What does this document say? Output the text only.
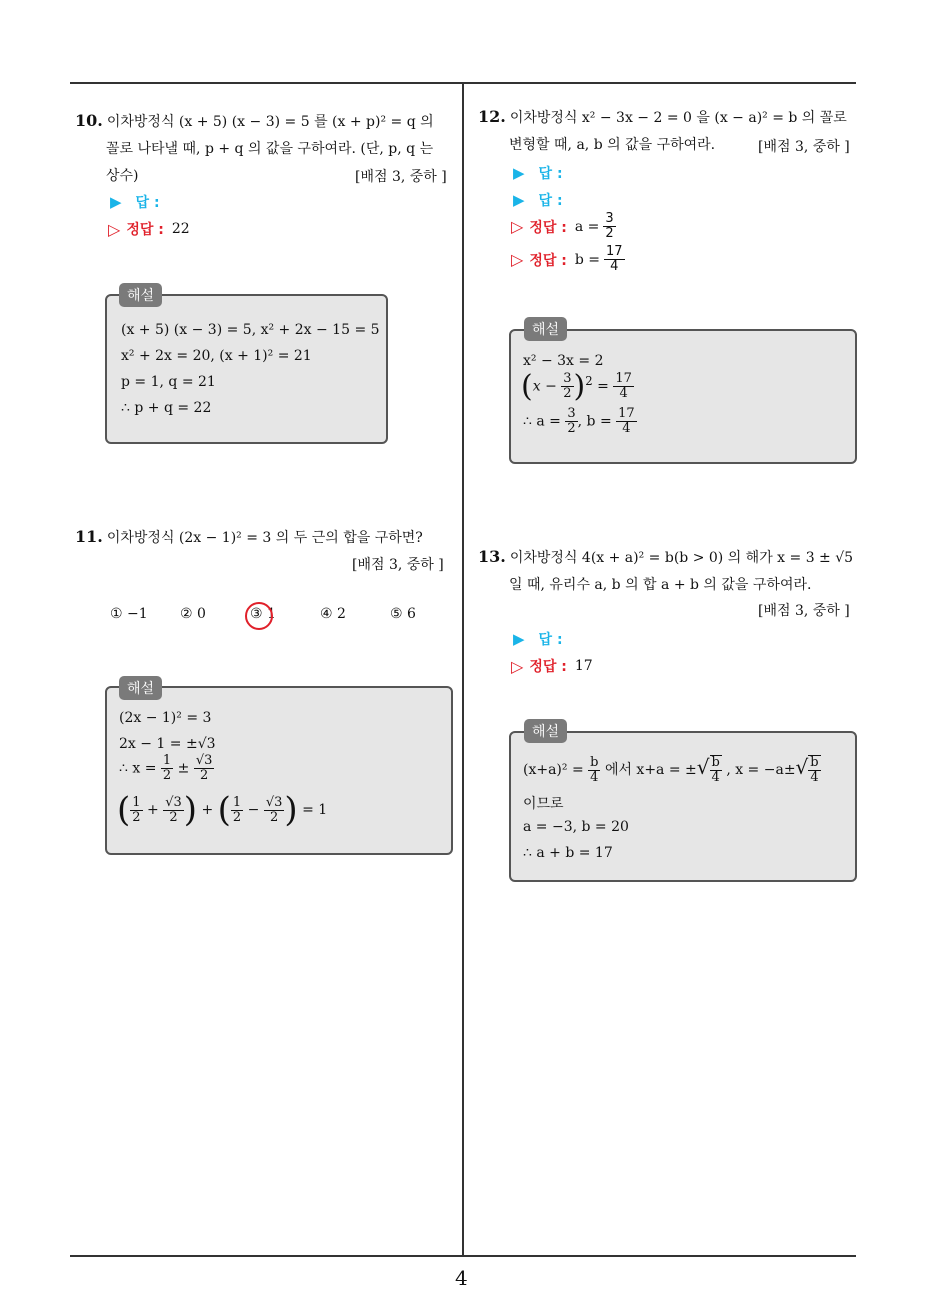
4
10. 이차방정식 (x + 5) (x − 3) = 5 를 (x + p)² = q 의
꼴로 나타낼 때, p + q 의 값을 구하여라. (단, p, q 는
상수)	[배점 3, 중하 ]
▶ 답 :
▷ 정답 : 22
(x + 5) (x − 3) = 5, x² + 2x − 15 = 5
x² + 2x = 20, (x + 1)² = 21
p = 1, q = 21
∴ p + q = 22
해설
11. 이차방정식 (2x − 1)² = 3 의 두 근의 합을 구하면?
[배점 3, 중하 ]
① −1 ② 0	③ 1	④ 2	⑤ 6
(2x − 1)² = 3
2x − 1 = ±√3
∴ $x = \frac{1}{2} \pm \frac{√3}{2}$
( $\frac{1}{2} + \frac{√3}{2}$ ) + ( $\frac{1}{2} - \frac{√3}{2}$ ) = 1
해설
12. 이차방정식 x² − 3x − 2 = 0 을 (x − a)² = b 의 꼴로
변형할 때, a, b 의 값을 구하여라.	[배점 3, 중하 ]
▶ 답 :
▶ 답 :
▷ 정답 : $a = \frac{3}{2}$
▷ 정답 : $b = \frac{17}{4}$
x² − 3x = 2
$(x - \frac{3}{2} )^2 = \frac{17}{4}$
∴ $a = \frac{3}{2}$ , $b = \frac{17}{4}$
해설
13. 이차방정식 4(x + a)² = b(b > 0) 의 해가 x = 3 ± √5
일 때, 유리수 a, b 의 합 a + b 의 값을 구하여라.
[배점 3, 중하 ]
▶ 답 :
▷ 정답 : 17
$(x+a)^2 = \frac{b}{4}$ 에서 x+a = ±√ $\frac{b}{4}$ , $x = -a\pm√ \frac{b}{4}$
이므로
a = −3, b = 20
∴ a + b = 17
해설
